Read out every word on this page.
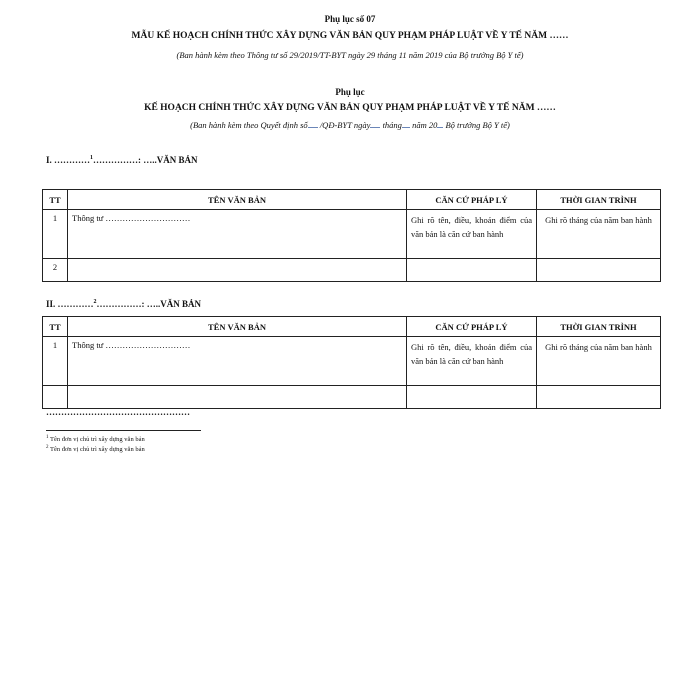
Phụ lục số 07
MẪU KẾ HOẠCH CHÍNH THỨC XÂY DỰNG VĂN BẢN QUY PHẠM PHÁP LUẬT VỀ Y TẾ NĂM ……
(Ban hành kèm theo Thông tư số 29/2019/TT-BYT ngày 29 tháng 11 năm 2019 của Bộ trưởng Bộ Y tế)
Phụ lục
KẾ HOẠCH CHÍNH THỨC XÂY DỰNG VĂN BẢN QUY PHẠM PHÁP LUẬT VỀ Y TẾ NĂM ……
(Ban hành kèm theo Quyết định số /QĐ-BYT ngày tháng năm 20 Bộ trưởng Bộ Y tế)
I. …………$^1$……………: …..VĂN BẢN
TT	TÊN VĂN BẢN	CĂN CỨ PHÁP LÝ	THỜI GIAN TRÌNH
1	Thông tư …………………………	Ghi rõ tên, điều, khoản điểm của văn bản là căn cứ ban hành	Ghi rõ tháng của năm ban hành
2			
II. …………$^2$……………: …..VĂN BẢN
TT	TÊN VĂN BẢN	CĂN CỨ PHÁP LÝ	THỜI GIAN TRÌNH
1	Thông tư …………………………	Ghi rõ tên, điều, khoản điểm của văn bản là căn cứ ban hành	Ghi rõ tháng của năm ban hành

…………………………………………
$^1$ Tên đơn vị chủ trì xây dựng văn bản
$^2$ Tên đơn vị chủ trì xây dựng văn bản
